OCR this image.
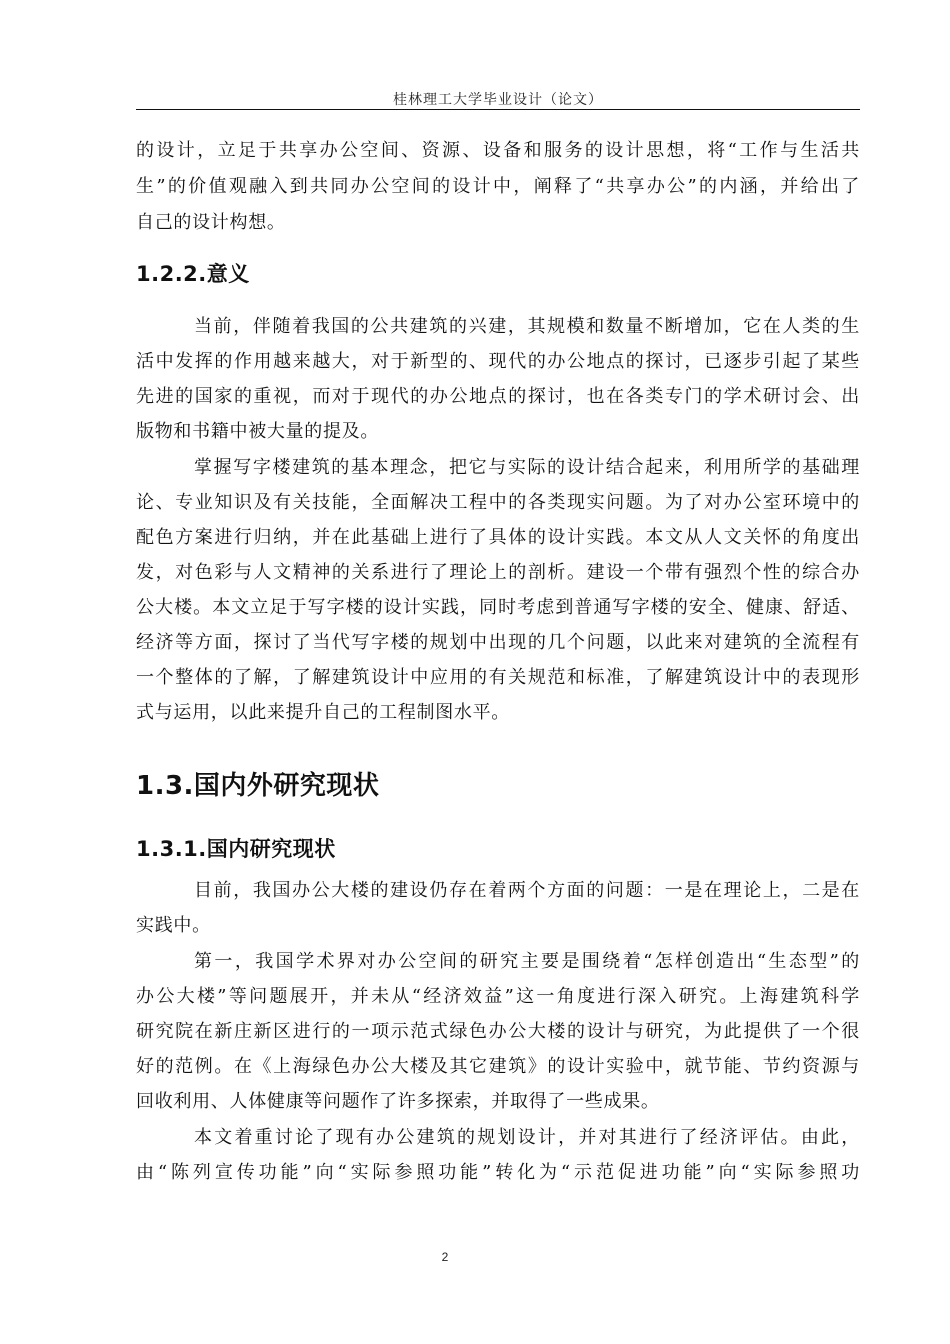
桂林理工大学毕业设计（论文）
的设计，立足于共享办公空间、资源、设备和服务的设计思想，将“工作与生活共
生”的价值观融入到共同办公空间的设计中，阐释了“共享办公”的内涵，并给出了
自己的设计构想。
1.2.2.意义
当前，伴随着我国的公共建筑的兴建，其规模和数量不断增加，它在人类的生
活中发挥的作用越来越大，对于新型的、现代的办公地点的探讨，已逐步引起了某些
先进的国家的重视，而对于现代的办公地点的探讨，也在各类专门的学术研讨会、出
版物和书籍中被大量的提及。
掌握写字楼建筑的基本理念，把它与实际的设计结合起来，利用所学的基础理
论、专业知识及有关技能，全面解决工程中的各类现实问题。为了对办公室环境中的
配色方案进行归纳，并在此基础上进行了具体的设计实践。本文从人文关怀的角度出
发，对色彩与人文精神的关系进行了理论上的剖析。建设一个带有强烈个性的综合办
公大楼。本文立足于写字楼的设计实践，同时考虑到普通写字楼的安全、健康、舒适、
经济等方面，探讨了当代写字楼的规划中出现的几个问题，以此来对建筑的全流程有
一个整体的了解，了解建筑设计中应用的有关规范和标准，了解建筑设计中的表现形
式与运用，以此来提升自己的工程制图水平。
1.3.国内外研究现状
1.3.1.国内研究现状
目前，我国办公大楼的建设仍存在着两个方面的问题：一是在理论上，二是在
实践中。
第一，我国学术界对办公空间的研究主要是围绕着“怎样创造出“生态型”的
办公大楼”等问题展开，并未从“经济效益”这一角度进行深入研究。上海建筑科学
研究院在新庄新区进行的一项示范式绿色办公大楼的设计与研究，为此提供了一个很
好的范例。在《上海绿色办公大楼及其它建筑》的设计实验中，就节能、节约资源与
回收利用、人体健康等问题作了许多探索，并取得了一些成果。
本文着重讨论了现有办公建筑的规划设计，并对其进行了经济评估。由此，
由“陈列宣传功能”向“实际参照功能”转化为“示范促进功能”向“实际参照功
2
